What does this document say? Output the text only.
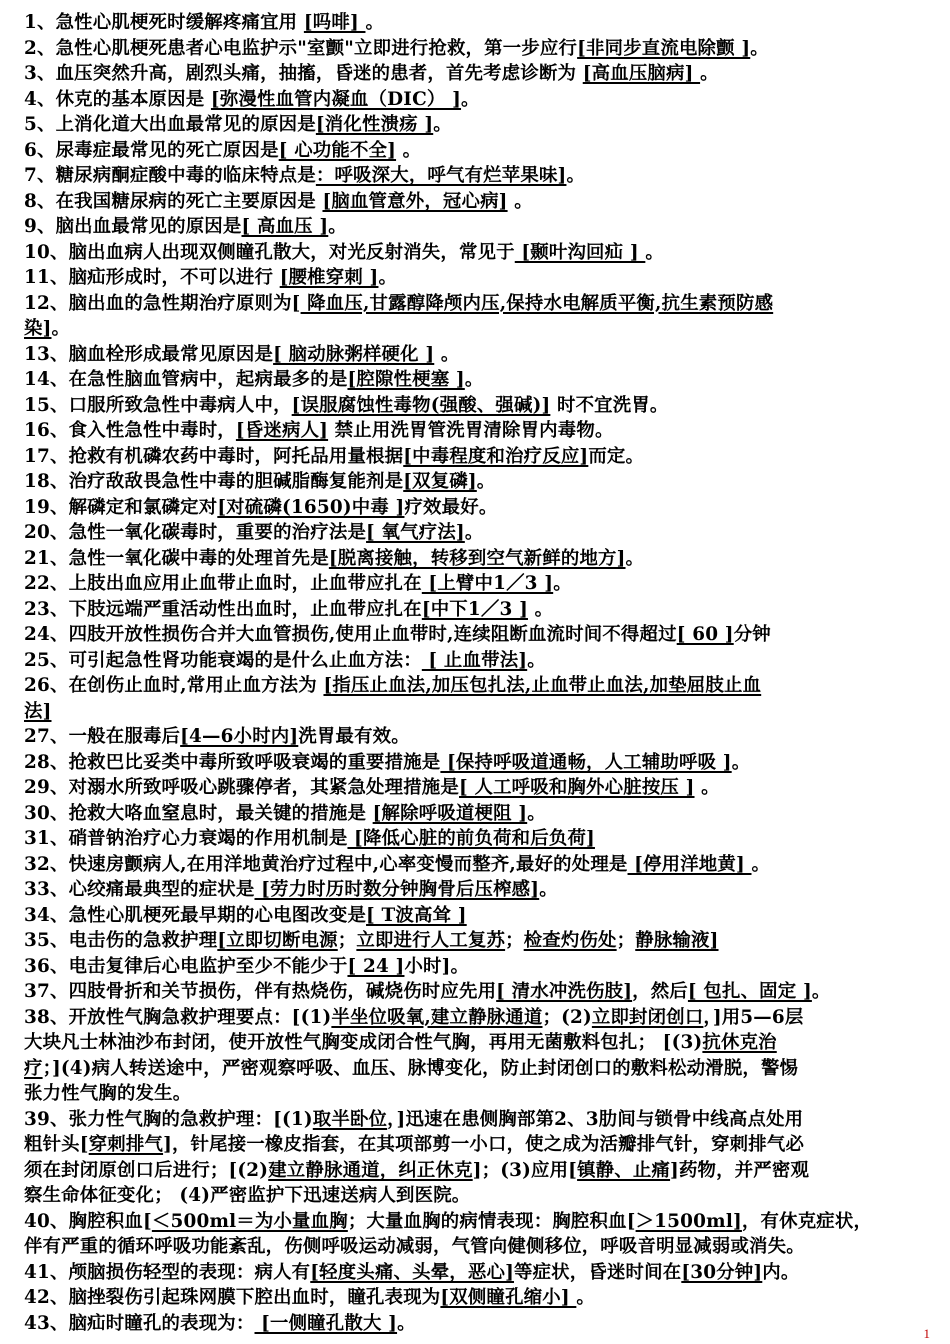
1、急性心肌梗死时缓解疼痛宜用 [吗啡] 。
2、急性心肌梗死患者心电监护示"室颤"立即进行抢救，第一步应行[非同步直流电除颤 ]。
3、血压突然升高，剧烈头痛，抽搐，昏迷的患者，首先考虑诊断为 [高血压脑病] 。
4、休克的基本原因是 [弥漫性血管内凝血（DIC） ]。
5、上消化道大出血最常见的原因是[消化性溃疡 ]。
6、尿毒症最常见的死亡原因是[ 心功能不全] 。
7、糖尿病酮症酸中毒的临床特点是：呼吸深大，呼气有烂苹果味]。
8、在我国糖尿病的死亡主要原因是 [脑血管意外，冠心病] 。
9、脑出血最常见的原因是[ 高血压 ]。
10、脑出血病人出现双侧瞳孔散大，对光反射消失，常见于 [颞叶沟回疝 ] 。
11、脑疝形成时，不可以进行 [腰椎穿刺 ]。
12、脑出血的急性期治疗原则为[ 降血压,甘露醇降颅内压,保持水电解质平衡,抗生素预防感
染]。
13、脑血栓形成最常见原因是[ 脑动脉粥样硬化 ] 。
14、在急性脑血管病中，起病最多的是[腔隙性梗塞 ]。
15、口服所致急性中毒病人中，[误服腐蚀性毒物(强酸、强碱)] 时不宜洗胃。
16、食入性急性中毒时，[昏迷病人] 禁止用洗胃管洗胃清除胃内毒物。
17、抢救有机磷农药中毒时，阿托品用量根据[中毒程度和治疗反应]而定。
18、治疗敌敌畏急性中毒的胆碱脂酶复能剂是[双复磷]。
19、解磷定和氯磷定对[对硫磷(1650)中毒 ]疗效最好。
20、急性一氧化碳毒时，重要的治疗法是[ 氧气疗法]。
21、急性一氧化碳中毒的处理首先是[脱离接触，转移到空气新鲜的地方]。
22、上肢出血应用止血带止血时，止血带应扎在 [上臂中1／3 ]。
23、下肢远端严重活动性出血时，止血带应扎在[中下1／3 ] 。
24、四肢开放性损伤合并大血管损伤,使用止血带时,连续阻断血流时间不得超过[ 60 ]分钟
25、可引起急性肾功能衰竭的是什么止血方法： [ 止血带法]。
26、在创伤止血时,常用止血方法为 [指压止血法,加压包扎法,止血带止血法,加垫屈肢止血
法]
27、一般在服毒后[4—6小时内]洗胃最有效。
28、抢救巴比妥类中毒所致呼吸衰竭的重要措施是 [保持呼吸道通畅，人工辅助呼吸 ]。
29、对溺水所致呼吸心跳骤停者，其紧急处理措施是[ 人工呼吸和胸外心脏按压 ] 。
30、抢救大咯血窒息时，最关键的措施是 [解除呼吸道梗阻 ]。
31、硝普钠治疗心力衰竭的作用机制是 [降低心脏的前负荷和后负荷]
32、快速房颤病人,在用洋地黄治疗过程中,心率变慢而整齐,最好的处理是 [停用洋地黄] 。
33、心绞痛最典型的症状是 [劳力时历时数分钟胸骨后压榨感]。
34、急性心肌梗死最早期的心电图改变是[ T波高耸 ]
35、电击伤的急救护理[立即切断电源；立即进行人工复苏；检查灼伤处；静脉输液]
36、电击复律后心电监护至少不能少于[ 24 ]小时]。
37、四肢骨折和关节损伤，伴有热烧伤，碱烧伤时应先用[ 清水冲洗伤肢]，然后[ 包扎、固定 ]。
38、开放性气胸急救护理要点：[(1)半坐位吸氧,建立静脉通道；(2)立即封闭创口，]用5—6层
大块凡士林油沙布封闭，使开放性气胸变成闭合性气胸，再用无菌敷料包扎； [(3)抗休克治
疗；](4)病人转送途中，严密观察呼吸、血压、脉博变化，防止封闭创口的敷料松动滑脱，警惕
张力性气胸的发生。
39、张力性气胸的急救护理：[(1)取半卧位，]迅速在患侧胸部第2、3肋间与锁骨中线高点处用
粗针头[穿刺排气]，针尾接一橡皮指套，在其项部剪一小口，使之成为活瓣排气针，穿刺排气必
须在封闭原创口后进行；[(2)建立静脉通道，纠正休克]；(3)应用[镇静、止痛]药物，并严密观
察生命体征变化； (4)严密监护下迅速送病人到医院。
40、胸腔积血[＜500ml＝为小量血胸；大量血胸的病情表现：胸腔积血[＞1500ml]，有休克症状，
伴有严重的循环呼吸功能紊乱，伤侧呼吸运动减弱，气管向健侧移位，呼吸音明显减弱或消失。
41、颅脑损伤轻型的表现：病人有[轻度头痛、头晕，恶心]等症状，昏迷时间在[30分钟]内。
42、脑挫裂伤引起珠网膜下腔出血时，瞳孔表现为[双侧瞳孔缩小] 。
43、脑疝时瞳孔的表现为： [一侧瞳孔散大 ]。	1
